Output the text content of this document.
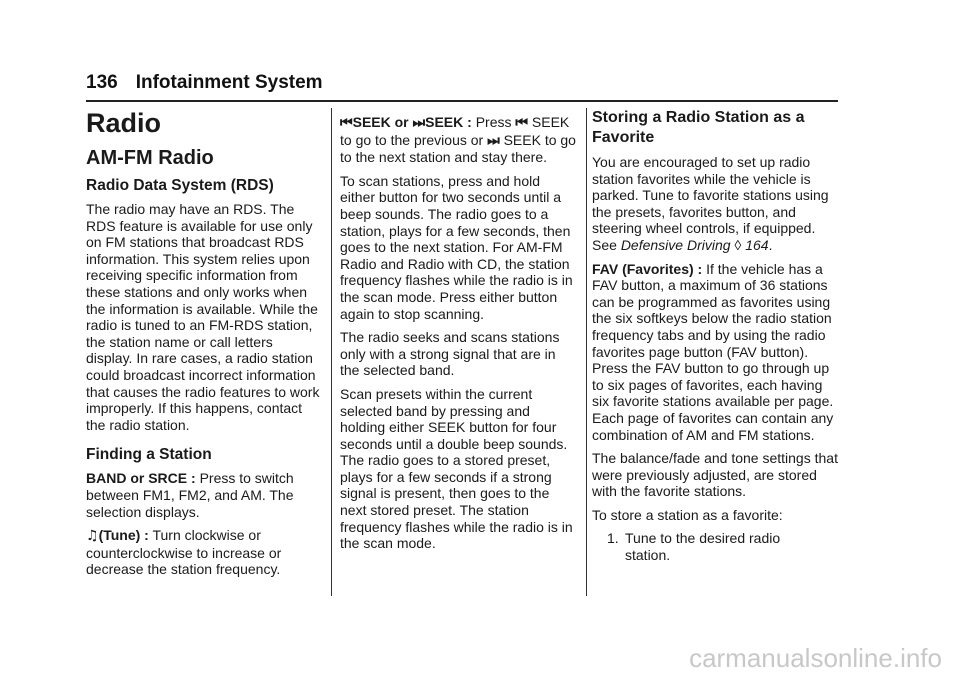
136 Infotainment System
Radio
AM-FM Radio
Radio Data System (RDS)
The radio may have an RDS. The RDS feature is available for use only on FM stations that broadcast RDS information. This system relies upon receiving specific information from these stations and only works when the information is available. While the radio is tuned to an FM-RDS station, the station name or call letters display. In rare cases, a radio station could broadcast incorrect information that causes the radio features to work improperly. If this happens, contact the radio station.
Finding a Station
BAND or SRCE : Press to switch between FM1, FM2, and AM. The selection displays.
♫(Tune) : Turn clockwise or counterclockwise to increase or decrease the station frequency.
⏮SEEK or ⏭SEEK : Press ⏮ SEEK to go to the previous or ⏭ SEEK to go to the next station and stay there.
To scan stations, press and hold either button for two seconds until a beep sounds. The radio goes to a station, plays for a few seconds, then goes to the next station. For AM-FM Radio and Radio with CD, the station frequency flashes while the radio is in the scan mode. Press either button again to stop scanning.
The radio seeks and scans stations only with a strong signal that are in the selected band.
Scan presets within the current selected band by pressing and holding either SEEK button for four seconds until a double beep sounds. The radio goes to a stored preset, plays for a few seconds if a strong signal is present, then goes to the next stored preset. The station frequency flashes while the radio is in the scan mode.
Storing a Radio Station as a Favorite
You are encouraged to set up radio station favorites while the vehicle is parked. Tune to favorite stations using the presets, favorites button, and steering wheel controls, if equipped. See Defensive Driving ◊ 164.
FAV (Favorites) : If the vehicle has a FAV button, a maximum of 36 stations can be programmed as favorites using the six softkeys below the radio station frequency tabs and by using the radio favorites page button (FAV button). Press the FAV button to go through up to six pages of favorites, each having six favorite stations available per page. Each page of favorites can contain any combination of AM and FM stations.
The balance/fade and tone settings that were previously adjusted, are stored with the favorite stations.
To store a station as a favorite:
1. Tune to the desired radio station.
carmanualsonline.info
